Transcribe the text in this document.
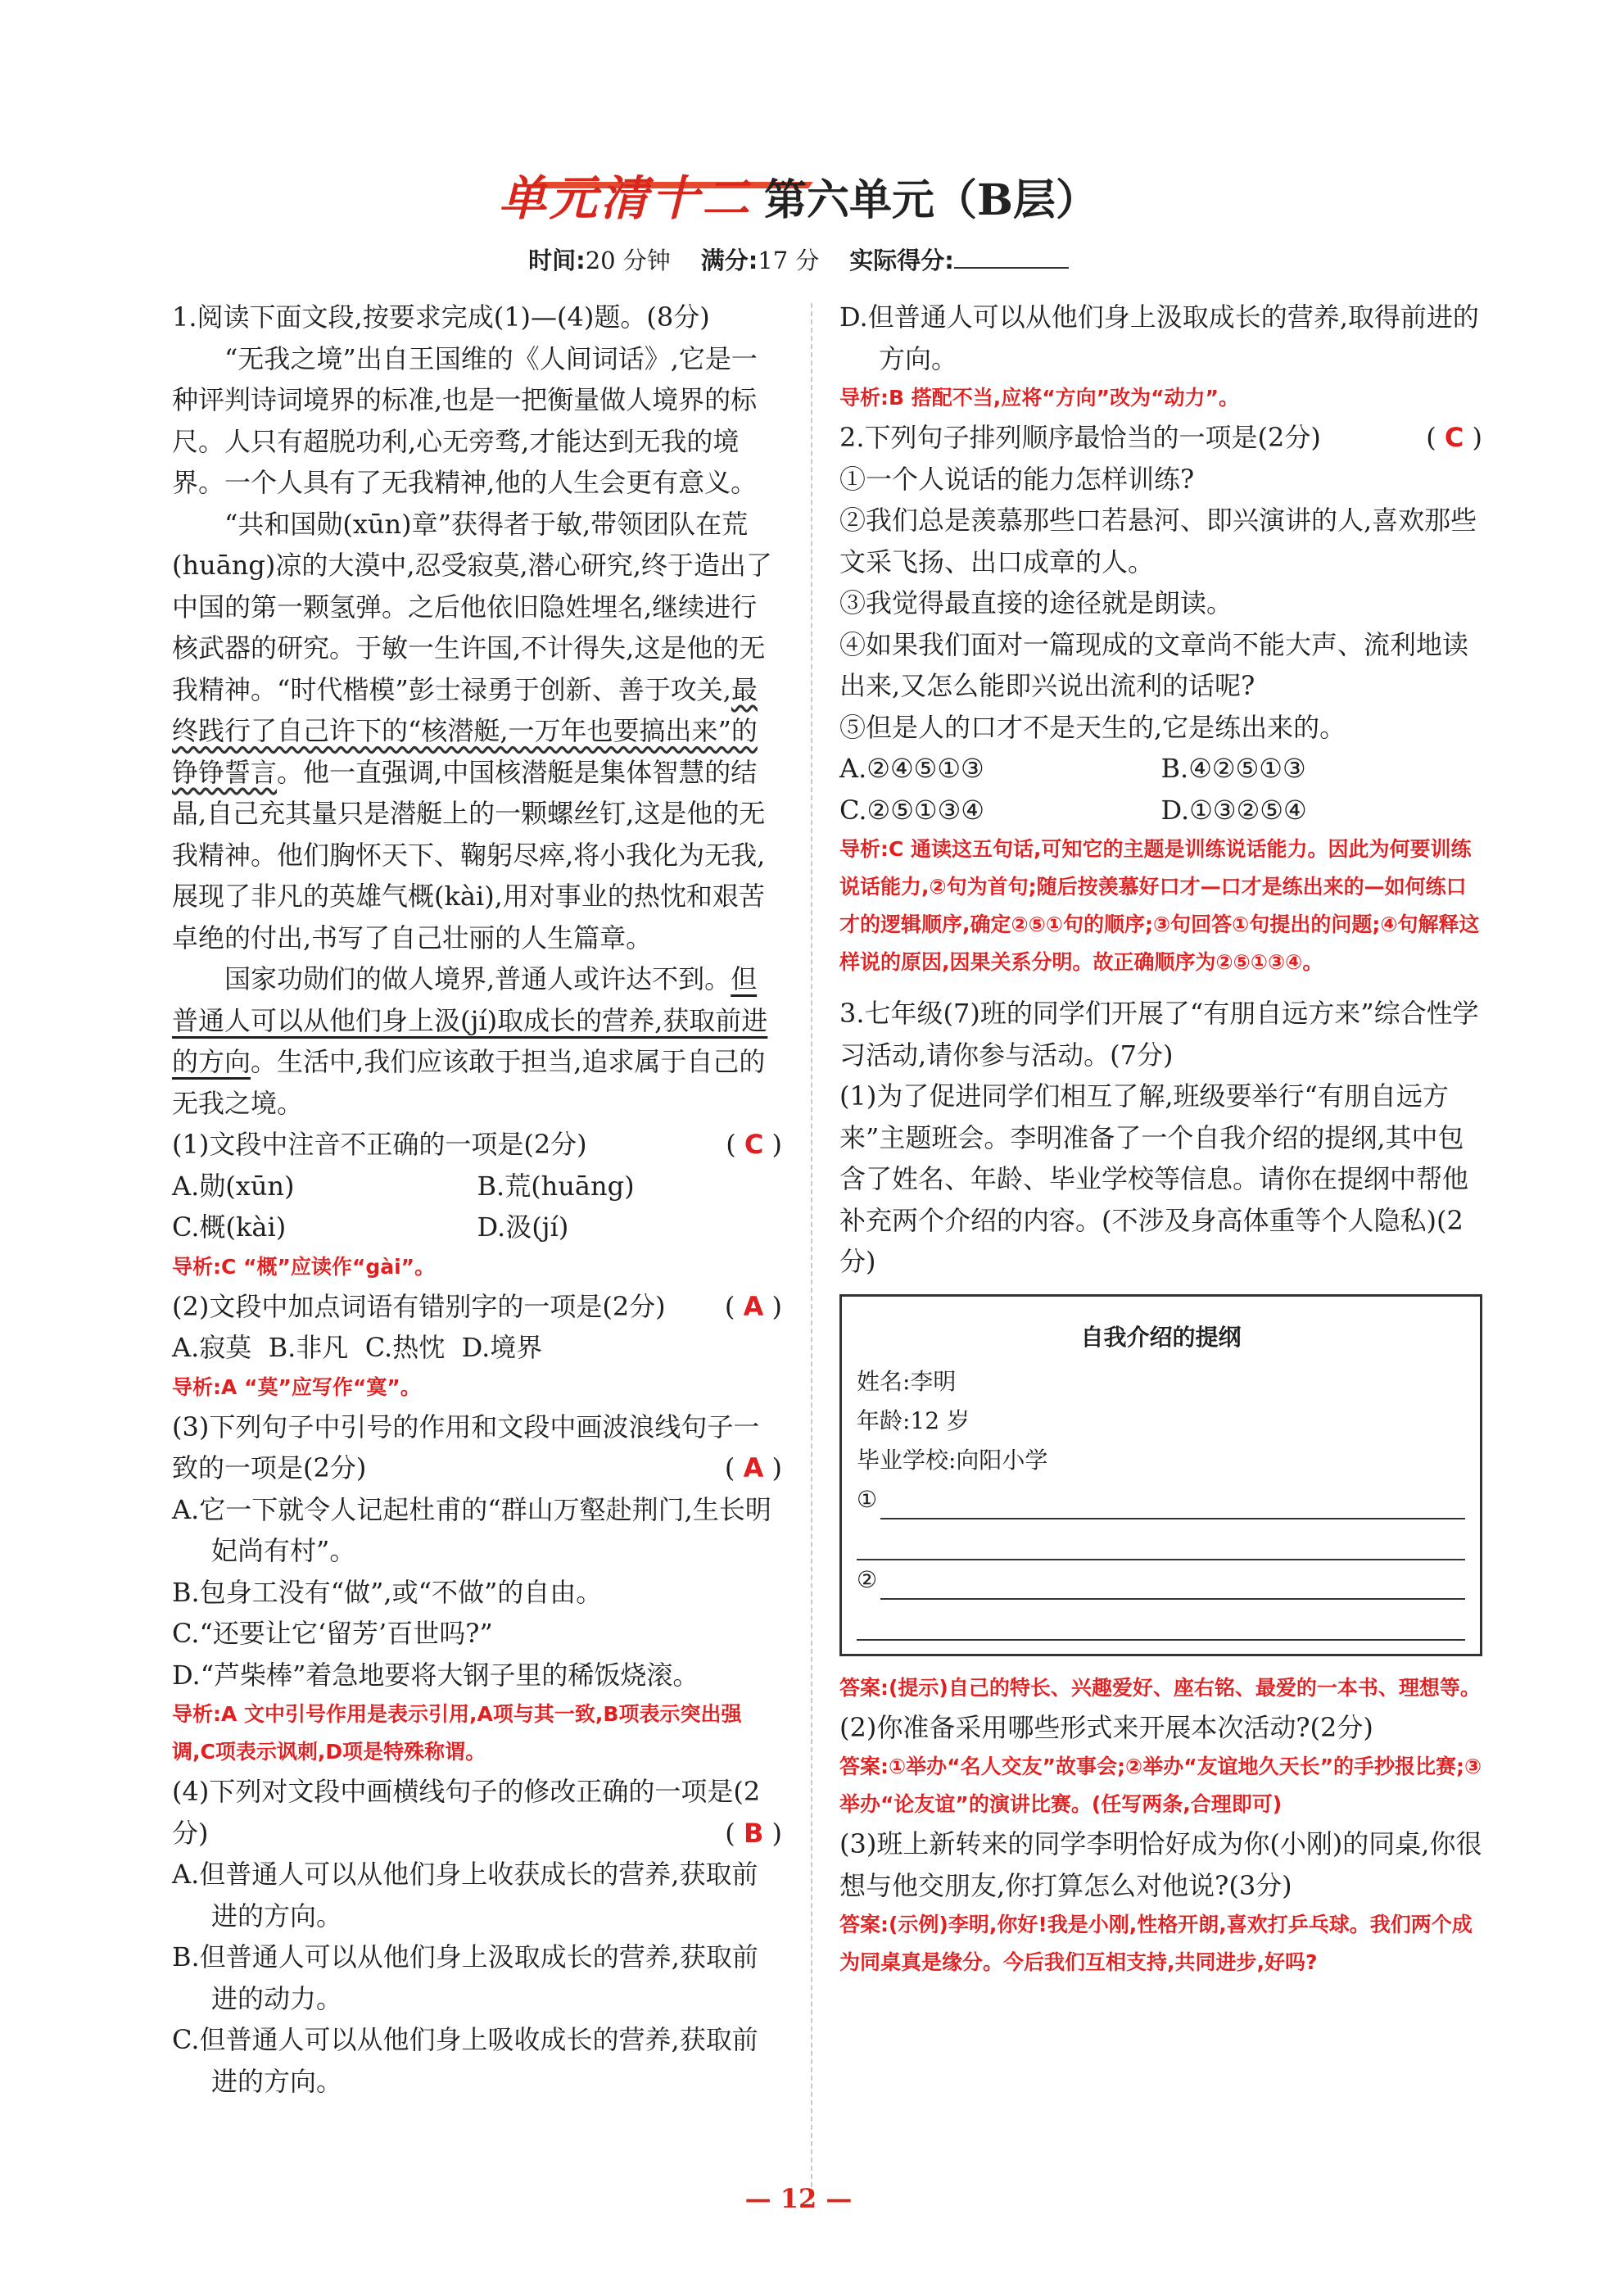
单元清十二 第六单元（B层）
时间:20 分钟 满分:17 分 实际得分:

1.阅读下面文段,按要求完成(1)—(4)题。(8分)

“无我之境”出自王国维的《人间词话》,它是一种评判诗词境界的标准,也是一把衡量做人境界的标尺。人只有超脱功利,心无旁骛,才能达到无我的境界。一个人具有了无我精神,他的人生会更有意义。

“共和国勋(xūn)章”获得者于敏,带领团队在荒(huāng)凉的大漠中,忍受寂莫,潜心研究,终于造出了中国的第一颗氢弹。之后他依旧隐姓埋名,继续进行核武器的研究。于敏一生许国,不计得失,这是他的无我精神。“时代楷模”彭士禄勇于创新、善于攻关,最终践行了自己许下的“核潜艇,一万年也要搞出来”的铮铮誓言。他一直强调,中国核潜艇是集体智慧的结晶,自己充其量只是潜艇上的一颗螺丝钉,这是他的无我精神。他们胸怀天下、鞠躬尽瘁,将小我化为无我,展现了非凡的英雄气概(kài),用对事业的热忱和艰苦卓绝的付出,书写了自己壮丽的人生篇章。

国家功勋们的做人境界,普通人或许达不到。但普通人可以从他们身上汲(jí)取成长的营养,获取前进的方向。生活中,我们应该敢于担当,追求属于自己的无我之境。

(1)文段中注音不正确的一项是(2分)	( C )

A.勋(xūn)	B.荒(huāng)
C.概(kài)	D.汲(jí)

导析:C “概”应读作“gài”。

(2)文段中加点词语有错别字的一项是(2分) ( A )

A.寂莫 B.非凡 C.热忱 D.境界

导析:A “莫”应写作“寞”。

(3)下列句子中引号的作用和文段中画波浪线句子一致的一项是(2分)	( A )

A.它一下就令人记起杜甫的“群山万壑赴荆门,生长明妃尚有村”。

B.包身工没有“做”,或“不做”的自由。

C.“还要让它‘留芳’百世吗?”

D.“芦柴棒”着急地要将大钢子里的稀饭烧滚。

导析:A 文中引号作用是表示引用,A项与其一致,B项表示突出强调,C项表示讽刺,D项是特殊称谓。

(4)下列对文段中画横线句子的修改正确的一项是(2分)	( B )

A.但普通人可以从他们身上收获成长的营养,获取前进的方向。

B.但普通人可以从他们身上汲取成长的营养,获取前进的动力。

C.但普通人可以从他们身上吸收成长的营养,获取前进的方向。

D.但普通人可以从他们身上汲取成长的营养,取得前进的方向。

导析:B 搭配不当,应将“方向”改为“动力”。

2.下列句子排列顺序最恰当的一项是(2分)	( C )

①一个人说话的能力怎样训练?

②我们总是羡慕那些口若悬河、即兴演讲的人,喜欢那些文采飞扬、出口成章的人。

③我觉得最直接的途径就是朗读。

④如果我们面对一篇现成的文章尚不能大声、流利地读出来,又怎么能即兴说出流利的话呢?

⑤但是人的口才不是天生的,它是练出来的。

A.②④⑤①③	B.④②⑤①③
C.②⑤①③④	D.①③②⑤④

导析:C 通读这五句话,可知它的主题是训练说话能力。因此为何要训练说话能力,②句为首句;随后按羡慕好口才—口才是练出来的—如何练口才的逻辑顺序,确定②⑤①句的顺序;③句回答①句提出的问题;④句解释这样说的原因,因果关系分明。故正确顺序为②⑤①③④。

3.七年级(7)班的同学们开展了“有朋自远方来”综合性学习活动,请你参与活动。(7分)

(1)为了促进同学们相互了解,班级要举行“有朋自远方来”主题班会。李明准备了一个自我介绍的提纲,其中包含了姓名、年龄、毕业学校等信息。请你在提纲中帮他补充两个介绍的内容。(不涉及身高体重等个人隐私)(2分)

自我介绍的提纲
姓名:李明
年龄:12 岁
毕业学校:向阳小学
①
②

答案:(提示)自己的特长、兴趣爱好、座右铭、最爱的一本书、理想等。

(2)你准备采用哪些形式来开展本次活动?(2分)

答案:①举办“名人交友”故事会;②举办“友谊地久天长”的手抄报比赛;③举办“论友谊”的演讲比赛。(任写两条,合理即可)

(3)班上新转来的同学李明恰好成为你(小刚)的同桌,你很想与他交朋友,你打算怎么对他说?(3分)

答案:(示例)李明,你好!我是小刚,性格开朗,喜欢打乒乓球。我们两个成为同桌真是缘分。今后我们互相支持,共同进步,好吗?

— 12 —
